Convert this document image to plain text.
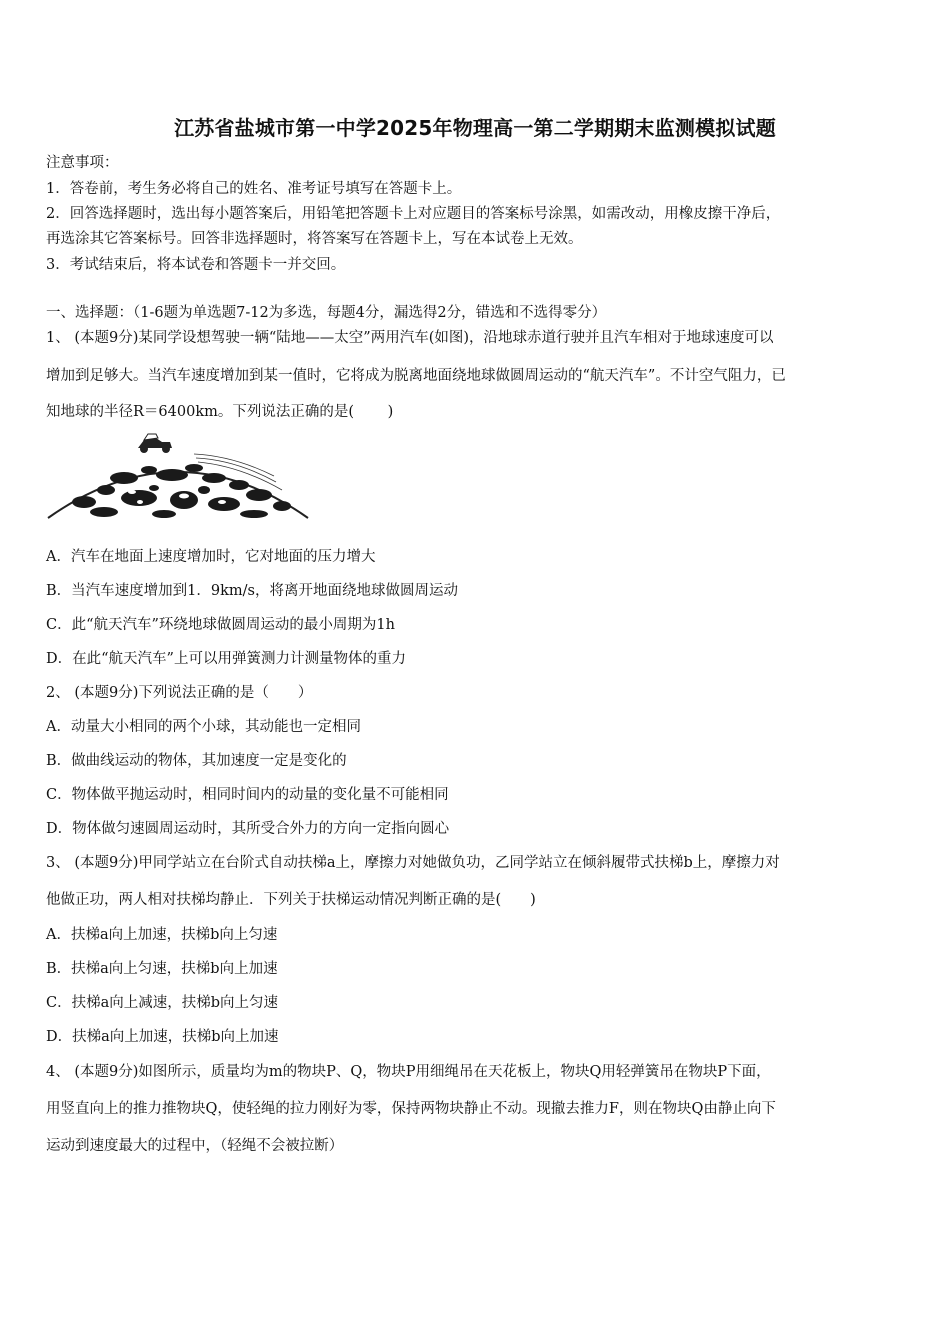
江苏省盐城市第一中学2025年物理高一第二学期期末监测模拟试题
注意事项：
1．答卷前，考生务必将自己的姓名、准考证号填写在答题卡上。
2．回答选择题时，选出每小题答案后，用铅笔把答题卡上对应题目的答案标号涂黑，如需改动，用橡皮擦干净后，
再选涂其它答案标号。回答非选择题时，将答案写在答题卡上，写在本试卷上无效。
3．考试结束后，将本试卷和答题卡一并交回。
一、选择题：（1-6题为单选题7-12为多选，每题4分，漏选得2分，错选和不选得零分）
1、 (本题9分)某同学设想驾驶一辆“陆地——太空”两用汽车(如图)，沿地球赤道行驶并且汽车相对于地球速度可以
增加到足够大。当汽车速度增加到某一值时，它将成为脱离地面绕地球做圆周运动的“航天汽车”。不计空气阻力，已
知地球的半径R＝6400km。下列说法正确的是(　　 )
A．汽车在地面上速度增加时，它对地面的压力增大
B．当汽车速度增加到1．9km/s，将离开地面绕地球做圆周运动
C．此“航天汽车”环绕地球做圆周运动的最小周期为1h
D．在此“航天汽车”上可以用弹簧测力计测量物体的重力
2、 (本题9分)下列说法正确的是（　　）
A．动量大小相同的两个小球，其动能也一定相同
B．做曲线运动的物体，其加速度一定是变化的
C．物体做平抛运动时，相同时间内的动量的变化量不可能相同
D．物体做匀速圆周运动时，其所受合外力的方向一定指向圆心
3、 (本题9分)甲同学站立在台阶式自动扶梯a上，摩擦力对她做负功，乙同学站立在倾斜履带式扶梯b上，摩擦力对
他做正功，两人相对扶梯均静止．下列关于扶梯运动情况判断正确的是(　　)
A．扶梯a向上加速，扶梯b向上匀速
B．扶梯a向上匀速，扶梯b向上加速
C．扶梯a向上减速，扶梯b向上匀速
D．扶梯a向上加速，扶梯b向上加速
4、 (本题9分)如图所示，质量均为m的物块P、Q，物块P用细绳吊在天花板上，物块Q用轻弹簧吊在物块P下面，
用竖直向上的推力推物块Q，使轻绳的拉力刚好为零，保持两物块静止不动。现撤去推力F，则在物块Q由静止向下
运动到速度最大的过程中，（轻绳不会被拉断）
